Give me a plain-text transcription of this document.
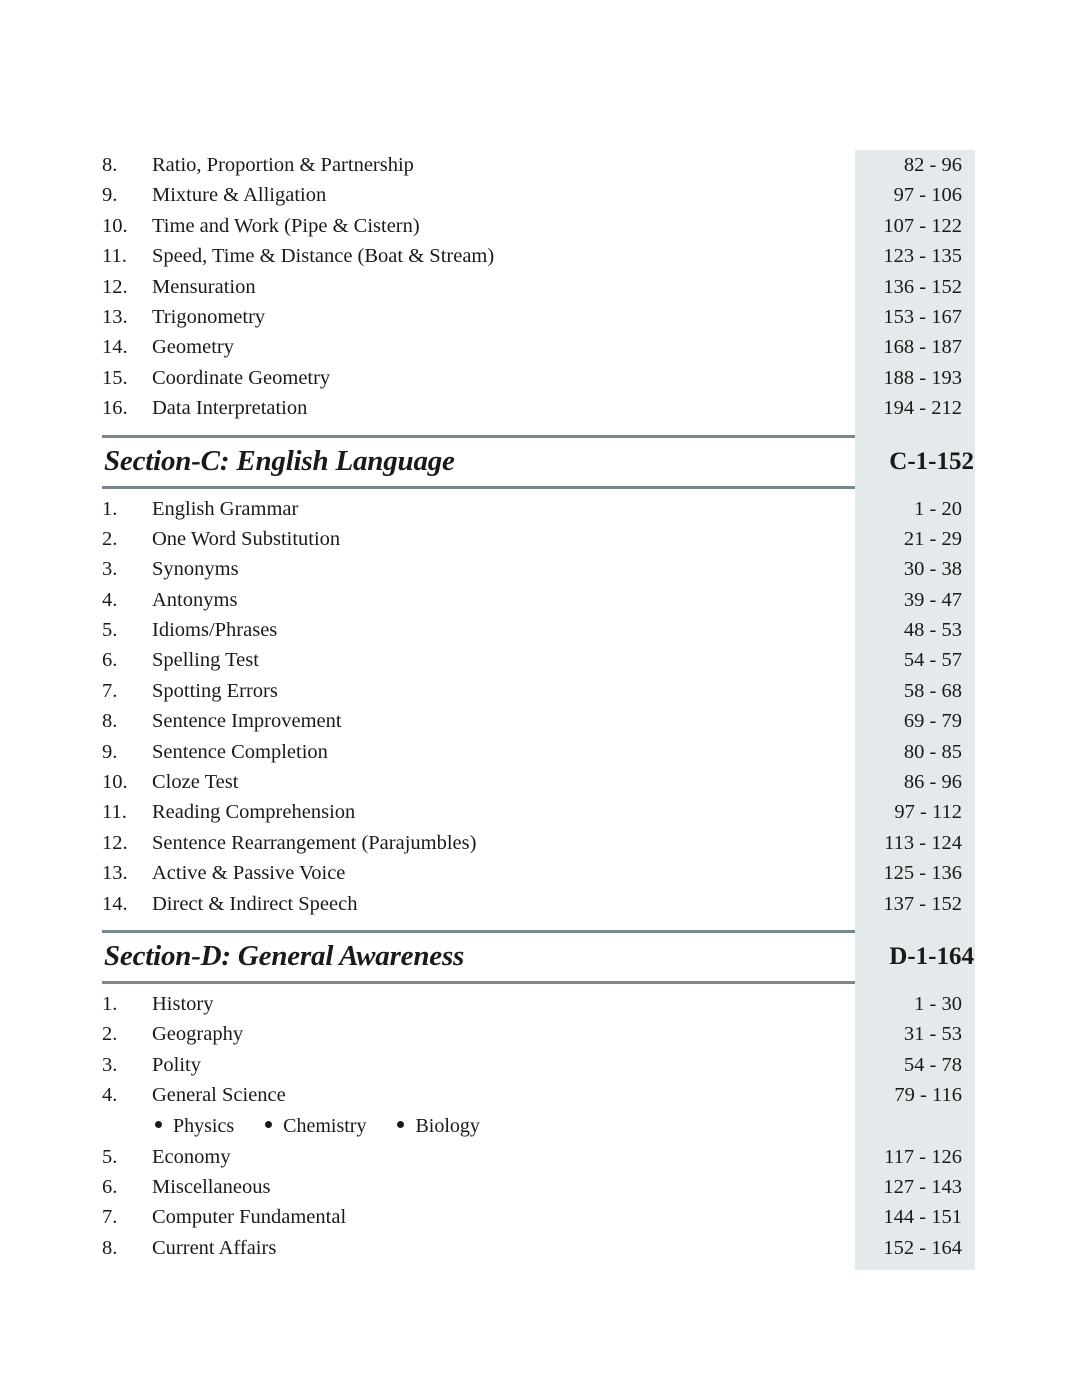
8.	Ratio, Proportion & Partnership	82 - 96
9.	Mixture & Alligation	97 - 106
10.	Time and Work (Pipe & Cistern)	107 - 122
11.	Speed, Time & Distance (Boat & Stream)	123 - 135
12.	Mensuration	136 - 152
13.	Trigonometry	153 - 167
14.	Geometry	168 - 187
15.	Coordinate Geometry	188 - 193
16.	Data Interpretation	194 - 212
Section-C: English Language	C-1-152
1.	English Grammar	1 - 20
2.	One Word Substitution	21 - 29
3.	Synonyms	30 - 38
4.	Antonyms	39 - 47
5.	Idioms/Phrases	48 - 53
6.	Spelling Test	54 - 57
7.	Spotting Errors	58 - 68
8.	Sentence Improvement	69 - 79
9.	Sentence Completion	80 - 85
10.	Cloze Test	86 - 96
11.	Reading Comprehension	97 - 112
12.	Sentence Rearrangement (Parajumbles)	113 - 124
13.	Active & Passive Voice	125 - 136
14.	Direct & Indirect Speech	137 - 152
Section-D: General Awareness	D-1-164
1.	History	1 - 30
2.	Geography	31 - 53
3.	Polity	54 - 78
4.	General Science	79 - 116
Physics Chemistry Biology
5.	Economy	117 - 126
6.	Miscellaneous	127 - 143
7.	Computer Fundamental	144 - 151
8.	Current Affairs	152 - 164
